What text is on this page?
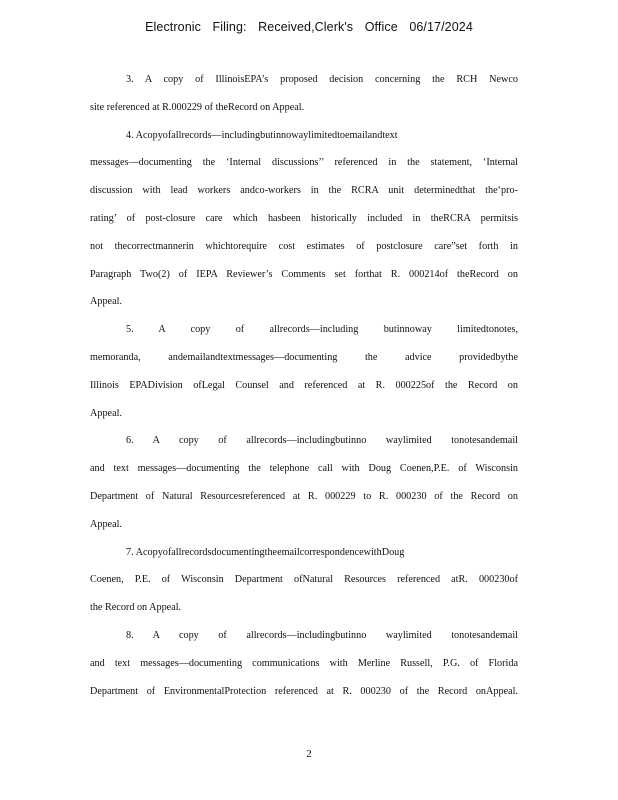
Electronic Filing: Received,Clerk's Office 06/17/2024
3. A copy of IllinoisEPA’s proposed decision concerning the RCH Newco
site referenced at R.000229 of theRecord on Appeal.
4. Acopyofallrecords—includingbutinnowaylimitedtoemailandtext
messages—documenting the ‘Internal discussions’’ referenced in the statement, ‘Internal
discussion with lead workers andco-workers in the RCRA unit determinedthat the‘pro-
rating’ of post-closure care which hasbeen historically included in theRCRA permitsis
not thecorrectmannerin whichtorequire cost estimates of postclosure care”set forth in
Paragraph Two(2) of IEPA Reviewer’s Comments set forthat R. 000214of theRecord on
Appeal.
5. A copy of allrecords—including butinnoway limitedtonotes,
memoranda, andemailandtextmessages—documenting the advice providedbythe
Illinois EPADivision ofLegal Counsel and referenced at R. 000225of the Record on
Appeal.
6. A copy of allrecords—includingbutinno waylimited tonotesandemail
and text messages—documenting the telephone call with Doug Coenen,P.E. of Wisconsin
Department of Natural Resourcesreferenced at R. 000229 to R. 000230 of the Record on
Appeal.
7. AcopyofallrecordsdocumentingtheemailcorrespondencewithDoug
Coenen, P.E. of Wisconsin Department ofNatural Resources referenced atR. 000230of
the Record on Appeal.
8. A copy of allrecords—includingbutinno waylimited tonotesandemail
and text messages—documenting communications with Merline Russell, P.G. of Florida
Department of EnvironmentalProtection referenced at R. 000230 of the Record onAppeal.
2
